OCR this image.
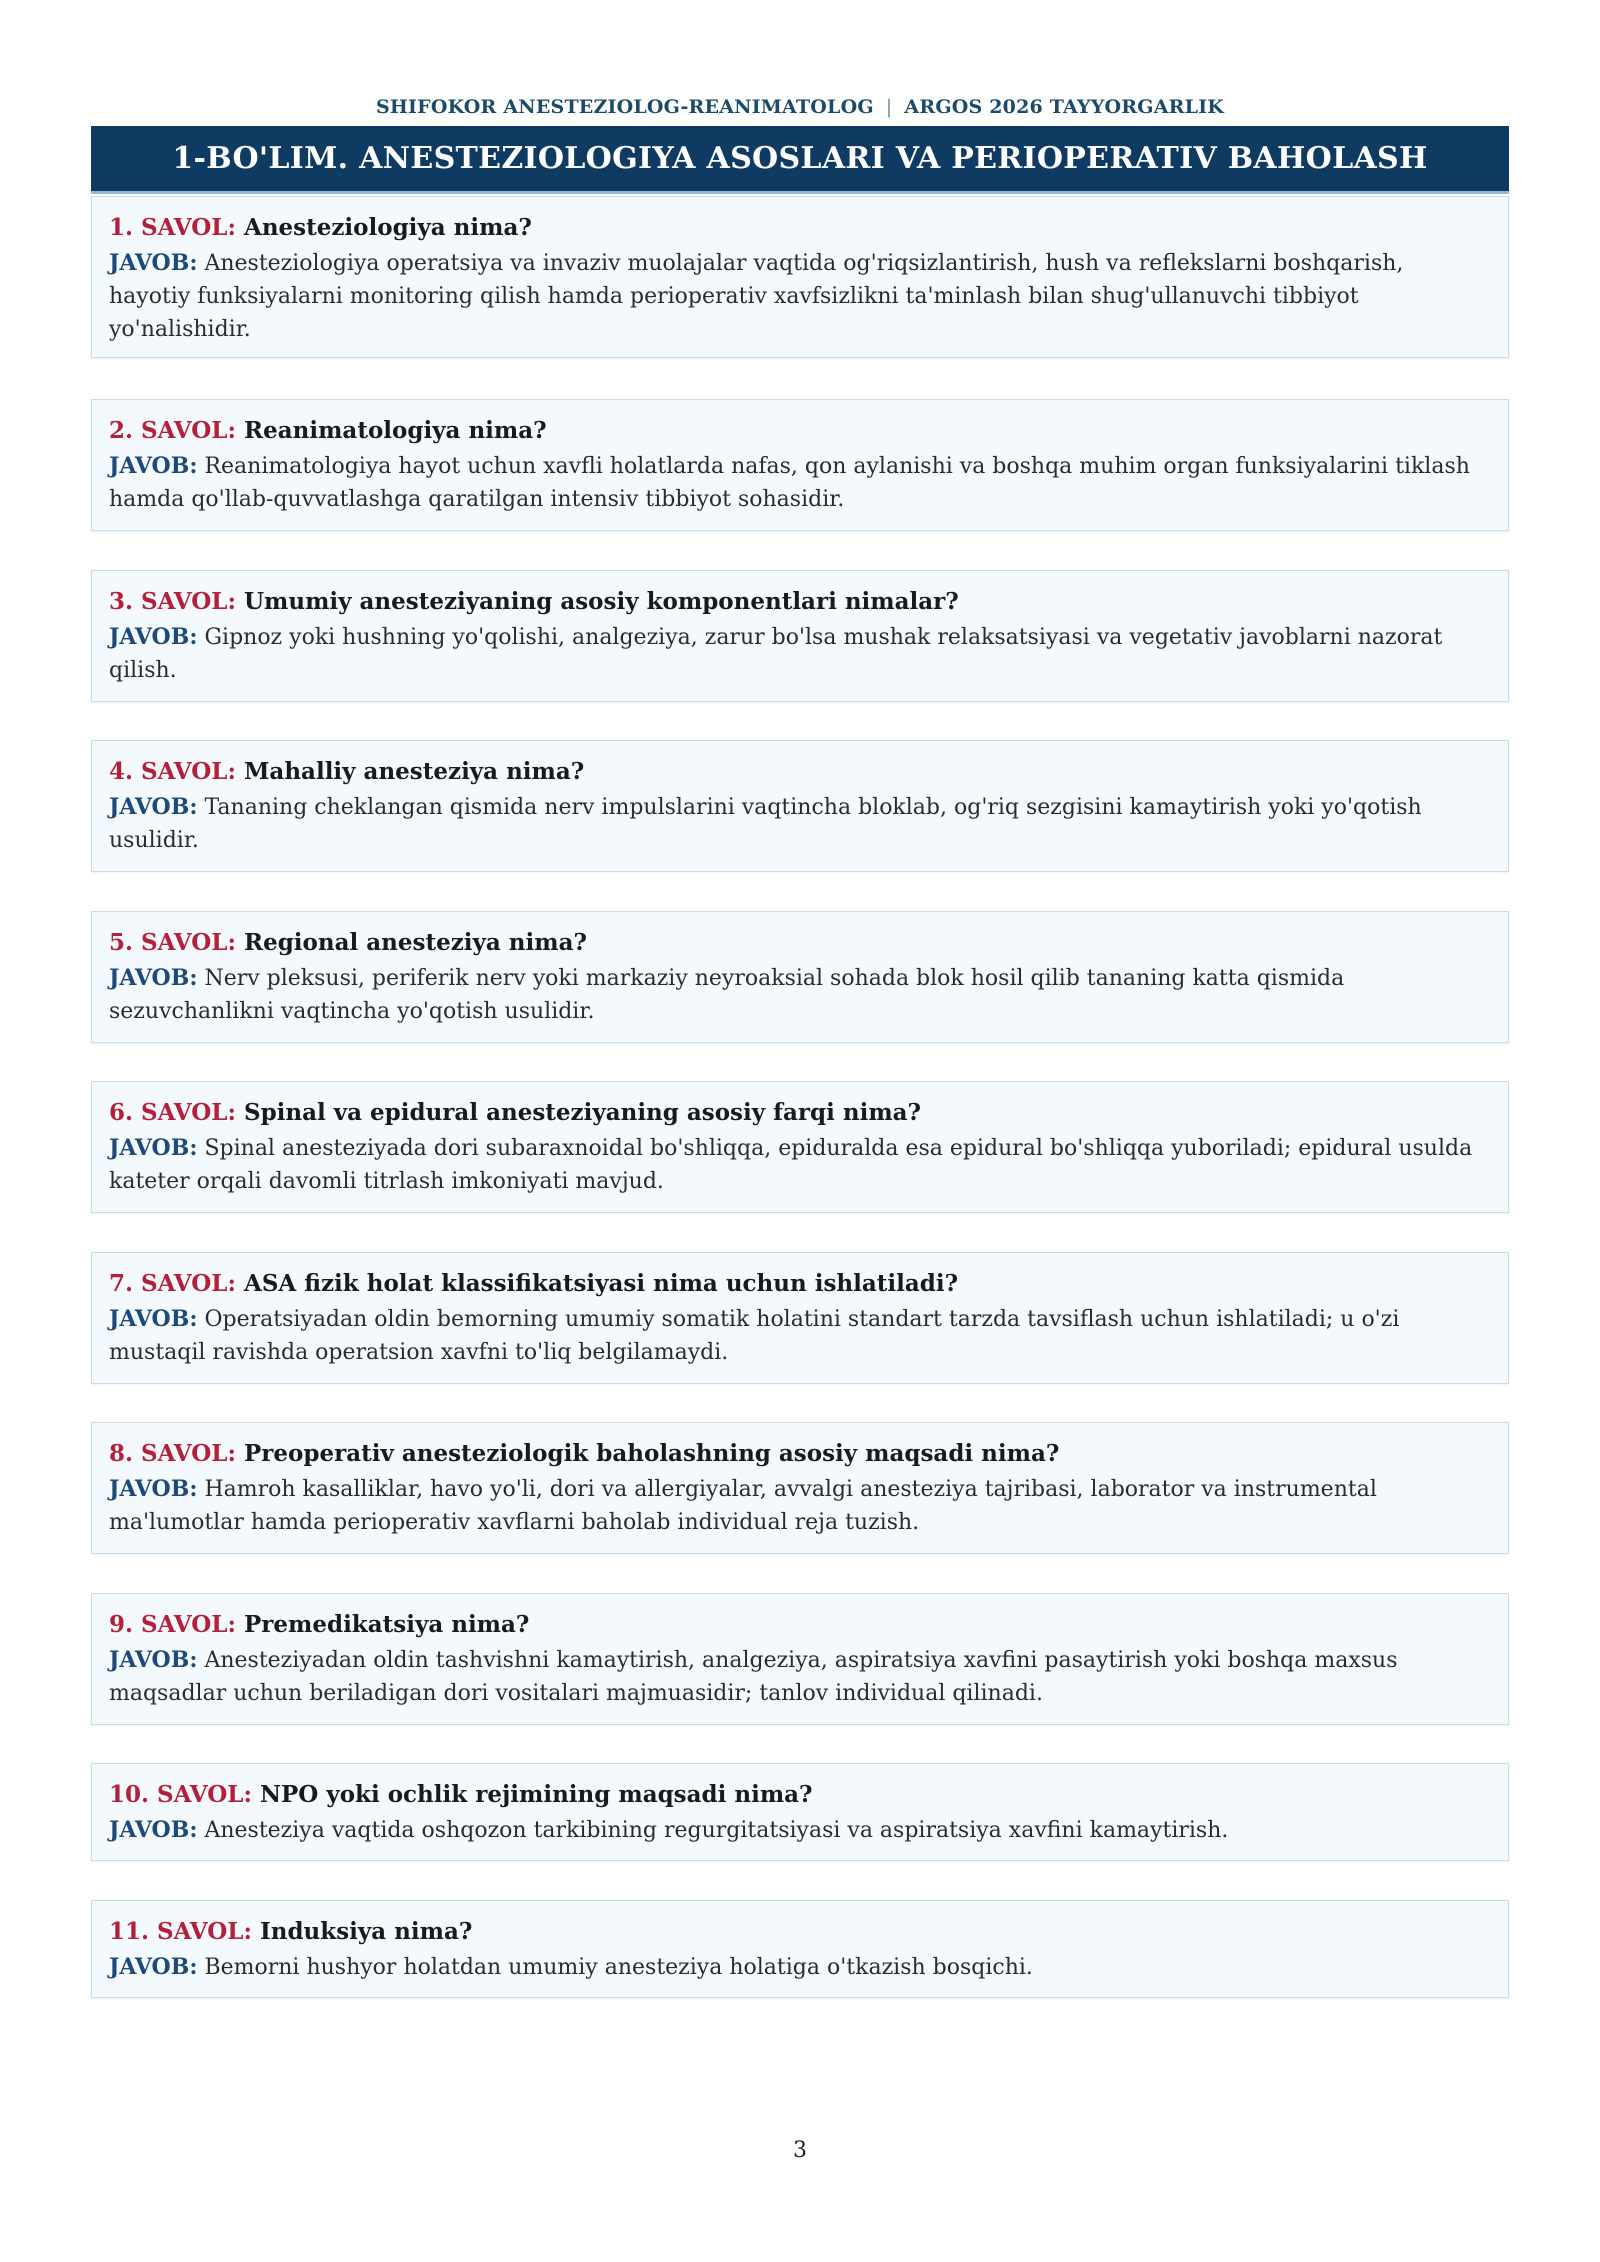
SHIFOKOR ANESTEZIOLOG-REANIMATOLOG | ARGOS 2026 TAYYORGARLIK
1-BO'LIM. ANESTEZIOLOGIYA ASOSLARI VA PERIOPERATIV BAHOLASH
1. SAVOL: Anesteziologiya nima?
JAVOB: Anesteziologiya operatsiya va invaziv muolajalar vaqtida og'riqsizlantirish, hush va reflekslarni boshqarish, hayotiy funksiyalarni monitoring qilish hamda perioperativ xavfsizlikni ta'minlash bilan shug'ullanuvchi tibbiyot yo'nalishidir.
2. SAVOL: Reanimatologiya nima?
JAVOB: Reanimatologiya hayot uchun xavfli holatlarda nafas, qon aylanishi va boshqa muhim organ funksiyalarini tiklash hamda qo'llab-quvvatlashga qaratilgan intensiv tibbiyot sohasidir.
3. SAVOL: Umumiy anesteziyaning asosiy komponentlari nimalar?
JAVOB: Gipnoz yoki hushning yo'qolishi, analgeziya, zarur bo'lsa mushak relaksatsiyasi va vegetativ javoblarni nazorat qilish.
4. SAVOL: Mahalliy anesteziya nima?
JAVOB: Tananing cheklangan qismida nerv impulslarini vaqtincha bloklab, og'riq sezgisini kamaytirish yoki yo'qotish usulidir.
5. SAVOL: Regional anesteziya nima?
JAVOB: Nerv pleksusi, periferik nerv yoki markaziy neyroaksial sohada blok hosil qilib tananing katta qismida sezuvchanlikni vaqtincha yo'qotish usulidir.
6. SAVOL: Spinal va epidural anesteziyaning asosiy farqi nima?
JAVOB: Spinal anesteziyada dori subaraxnoidal bo'shliqqa, epiduralda esa epidural bo'shliqqa yuboriladi; epidural usulda kateter orqali davomli titrlash imkoniyati mavjud.
7. SAVOL: ASA fizik holat klassifikatsiyasi nima uchun ishlatiladi?
JAVOB: Operatsiyadan oldin bemorning umumiy somatik holatini standart tarzda tavsiflash uchun ishlatiladi; u o'zi mustaqil ravishda operatsion xavfni to'liq belgilamaydi.
8. SAVOL: Preoperativ anesteziologik baholashning asosiy maqsadi nima?
JAVOB: Hamroh kasalliklar, havo yo'li, dori va allergiyalar, avvalgi anesteziya tajribasi, laborator va instrumental ma'lumotlar hamda perioperativ xavflarni baholab individual reja tuzish.
9. SAVOL: Premedikatsiya nima?
JAVOB: Anesteziyadan oldin tashvishni kamaytirish, analgeziya, aspiratsiya xavfini pasaytirish yoki boshqa maxsus maqsadlar uchun beriladigan dori vositalari majmuasidir; tanlov individual qilinadi.
10. SAVOL: NPO yoki ochlik rejimining maqsadi nima?
JAVOB: Anesteziya vaqtida oshqozon tarkibining regurgitatsiyasi va aspiratsiya xavfini kamaytirish.
11. SAVOL: Induksiya nima?
JAVOB: Bemorni hushyor holatdan umumiy anesteziya holatiga o'tkazish bosqichi.
3
